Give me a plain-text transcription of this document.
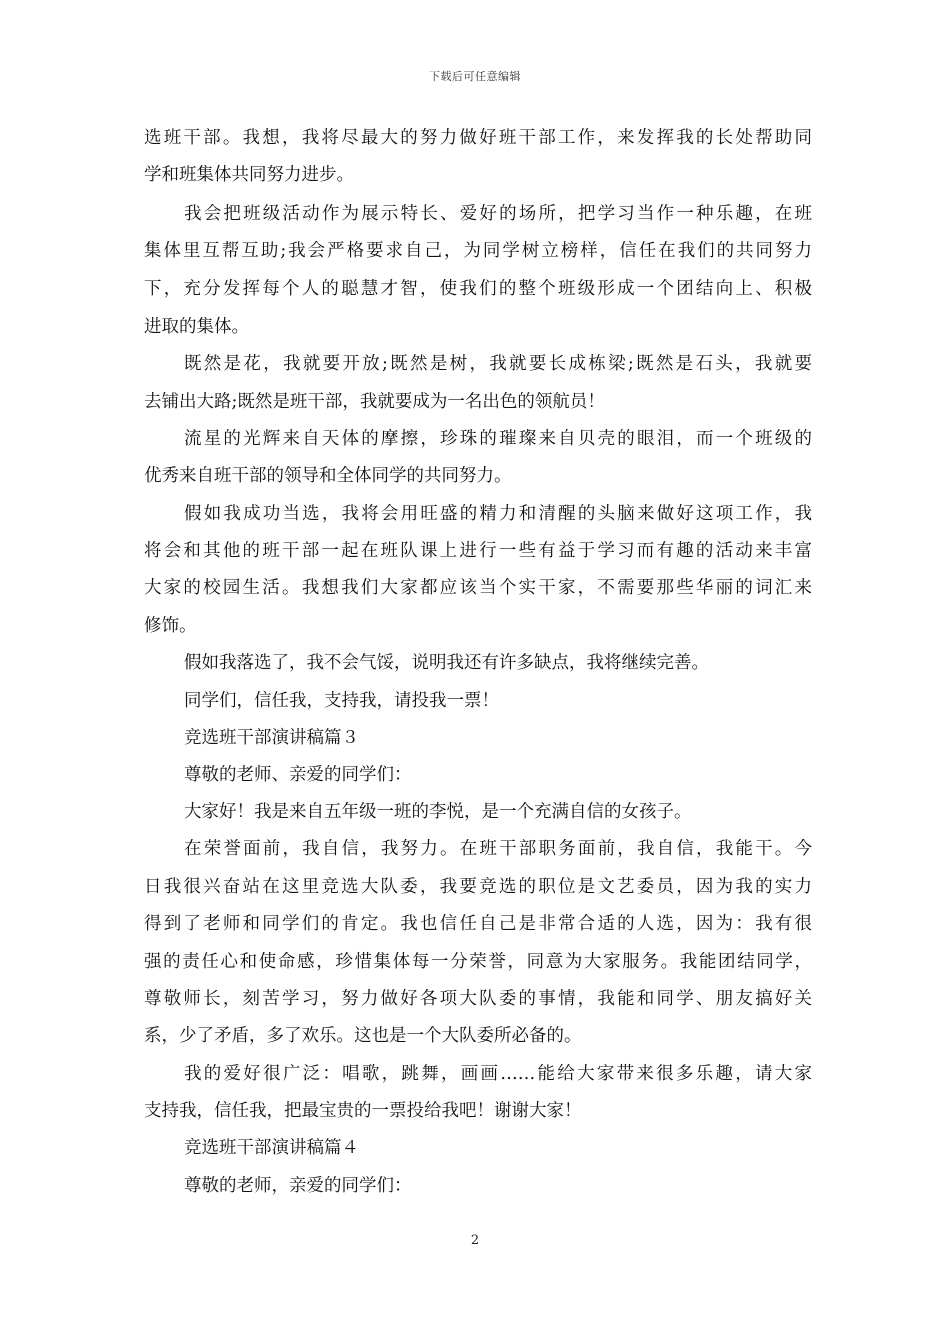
下载后可任意编辑
选班干部。我想，我将尽最大的努力做好班干部工作，来发挥我的长处帮助同
学和班集体共同努力进步。
我会把班级活动作为展示特长、爱好的场所，把学习当作一种乐趣，在班
集体里互帮互助;我会严格要求自己，为同学树立榜样，信任在我们的共同努力
下，充分发挥每个人的聪慧才智，使我们的整个班级形成一个团结向上、积极
进取的集体。
既然是花，我就要开放;既然是树，我就要长成栋梁;既然是石头，我就要
去铺出大路;既然是班干部，我就要成为一名出色的领航员！
流星的光辉来自天体的摩擦，珍珠的璀璨来自贝壳的眼泪，而一个班级的
优秀来自班干部的领导和全体同学的共同努力。
假如我成功当选，我将会用旺盛的精力和清醒的头脑来做好这项工作，我
将会和其他的班干部一起在班队课上进行一些有益于学习而有趣的活动来丰富
大家的校园生活。我想我们大家都应该当个实干家，不需要那些华丽的词汇来
修饰。
假如我落选了，我不会气馁，说明我还有许多缺点，我将继续完善。
同学们，信任我，支持我，请投我一票！
竞选班干部演讲稿篇３
尊敬的老师、亲爱的同学们：
大家好！我是来自五年级一班的李悦，是一个充满自信的女孩子。
在荣誉面前，我自信，我努力。在班干部职务面前，我自信，我能干。今
日我很兴奋站在这里竞选大队委，我要竞选的职位是文艺委员，因为我的实力
得到了老师和同学们的肯定。我也信任自己是非常合适的人选，因为：我有很
强的责任心和使命感，珍惜集体每一分荣誉，同意为大家服务。我能团结同学，
尊敬师长，刻苦学习，努力做好各项大队委的事情，我能和同学、朋友搞好关
系，少了矛盾，多了欢乐。这也是一个大队委所必备的。
我的爱好很广泛：唱歌，跳舞，画画……能给大家带来很多乐趣，请大家
支持我，信任我，把最宝贵的一票投给我吧！谢谢大家！
竞选班干部演讲稿篇４
尊敬的老师，亲爱的同学们：
2
